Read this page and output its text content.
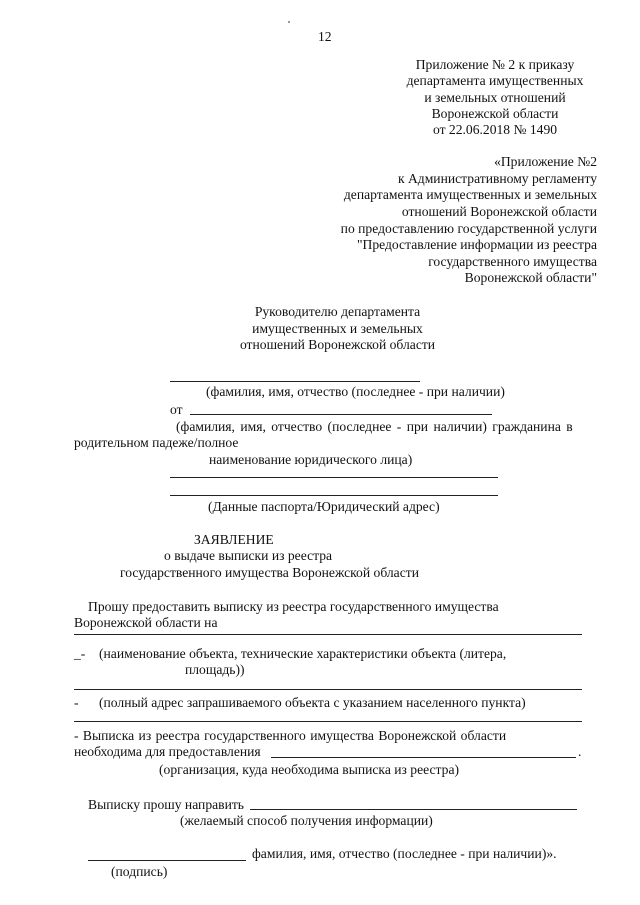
12
Приложение № 2 к приказу
департамента имущественных
и земельных отношений
Воронежской области
от 22.06.2018 № 1490
«Приложение №2
к Административному регламенту
департамента имущественных и земельных
отношений Воронежской области
по предоставлению государственной услуги
"Предоставление информации из реестра
государственного имущества
Воронежской области"
Руководителю департамента
имущественных и земельных
отношений Воронежской области
(фамилия, имя, отчество (последнее - при наличии)
от
(фамилия, имя, отчество (последнее - при наличии) гражданина в
родительном падеже/полное
наименование юридического лица)
(Данные паспорта/Юридический адрес)
ЗАЯВЛЕНИЕ
о выдаче выписки из реестра
государственного имущества Воронежской области
Прошу предоставить выписку из реестра государственного имущества
Воронежской области на
_- (наименование объекта, технические характеристики объекта (литера,
площадь))
- (полный адрес запрашиваемого объекта с указанием населенного пункта)
- Выписка из реестра государственного имущества Воронежской области
необходима для предоставления	.
(организация, куда необходима выписка из реестра)
Выписку прошу направить
(желаемый способ получения информации)
фамилия, имя, отчество (последнее - при наличии)».
(подпись)
